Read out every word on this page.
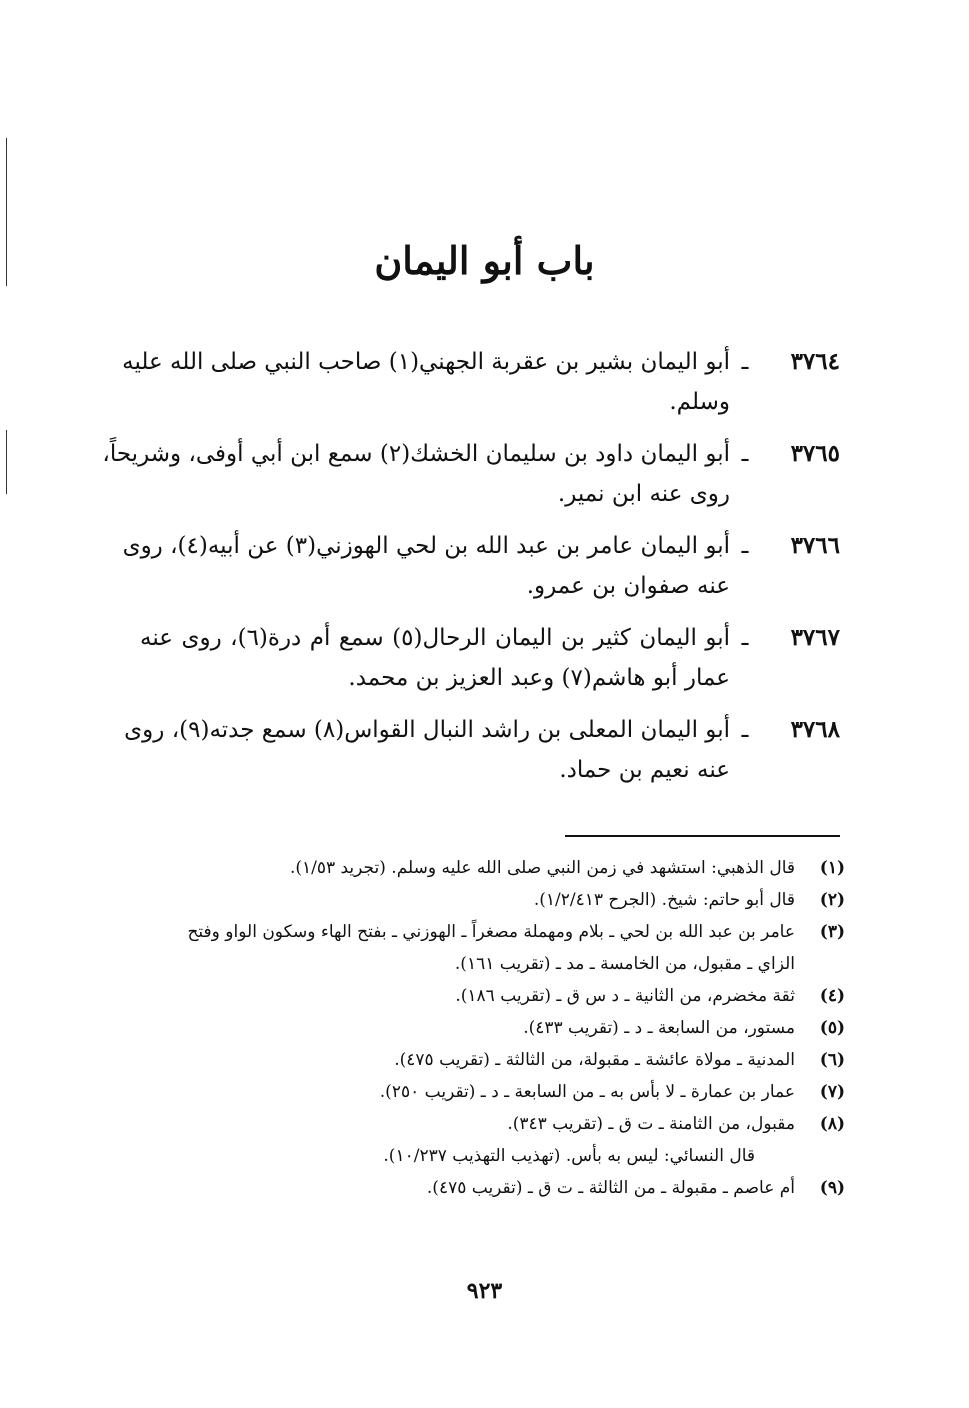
باب أبو اليمان
٣٧٦٤
ـ
أبو اليمان بشير بن عقربة الجهني(١) صاحب النبي صلى الله عليه
وسلم.
٣٧٦٥
ـ
أبو اليمان داود بن سليمان الخشك(٢) سمع ابن أبي أوفى، وشريحاً،
روى عنه ابن نمير.
٣٧٦٦
ـ
أبو اليمان عامر بن عبد الله بن لحي الهوزني(٣) عن أبيه(٤)، روى
عنه صفوان بن عمرو.
٣٧٦٧
ـ
أبو اليمان كثير بن اليمان الرحال(٥) سمع أم درة(٦)، روى عنه
عمار أبو هاشم(٧) وعبد العزيز بن محمد.
٣٧٦٨
ـ
أبو اليمان المعلى بن راشد النبال القواس(٨) سمع جدته(٩)، روى
عنه نعيم بن حماد.
(١)
قال الذهبي: استشهد في زمن النبي صلى الله عليه وسلم. (تجريد ١/٥٣).
(٢)
قال أبو حاتم: شيخ. (الجرح ١/٢/٤١٣).
(٣)
عامر بن عبد الله بن لحي ـ بلام ومهملة مصغراً ـ الهوزني ـ بفتح الهاء وسكون الواو وفتح
الزاي ـ مقبول، من الخامسة ـ مد ـ (تقريب ١٦١).
(٤)
ثقة مخضرم، من الثانية ـ د س ق ـ (تقريب ١٨٦).
(٥)
مستور، من السابعة ـ د ـ (تقريب ٤٣٣).
(٦)
المدنية ـ مولاة عائشة ـ مقبولة، من الثالثة ـ (تقريب ٤٧٥).
(٧)
عمار بن عمارة ـ لا بأس به ـ من السابعة ـ د ـ (تقريب ٢٥٠).
(٨)
مقبول، من الثامنة ـ ت ق ـ (تقريب ٣٤٣).
قال النسائي: ليس به بأس. (تهذيب التهذيب ١٠/٢٣٧).
(٩)
أم عاصم ـ مقبولة ـ من الثالثة ـ ت ق ـ (تقريب ٤٧٥).
٩٢٣
